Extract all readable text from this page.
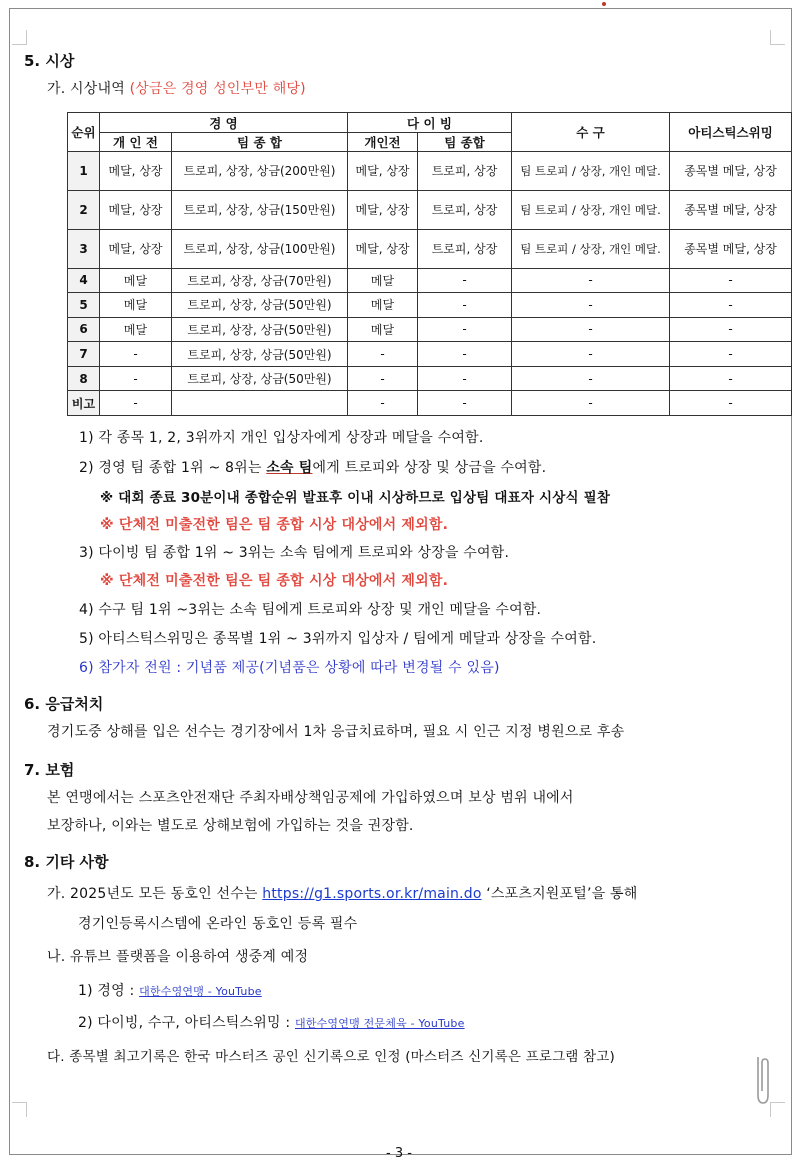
5. 시상
가. 시상내역 (상금은 경영 성인부만 해당)
순위	경 영		다 이 빙		수 구	아티스틱스위밍
	개 인 전	팀 종 합	개인전	팀 종합		
1	메달, 상장	트로피, 상장, 상금(200만원)	메달, 상장	트로피, 상장	팀 트로피 / 상장, 개인 메달.	종목별 메달, 상장
2	메달, 상장	트로피, 상장, 상금(150만원)	메달, 상장	트로피, 상장	팀 트로피 / 상장, 개인 메달.	종목별 메달, 상장
3	메달, 상장	트로피, 상장, 상금(100만원)	메달, 상장	트로피, 상장	팀 트로피 / 상장, 개인 메달.	종목별 메달, 상장
4	메달	트로피, 상장, 상금(70만원)	메달	-	-	-
5	메달	트로피, 상장, 상금(50만원)	메달	-	-	-
6	메달	트로피, 상장, 상금(50만원)	메달	-	-	-
7	-	트로피, 상장, 상금(50만원)	-	-	-	-
8	-	트로피, 상장, 상금(50만원)	-	-	-	-
비고	-		-	-	-	-
1) 각 종목 1, 2, 3위까지 개인 입상자에게 상장과 메달을 수여함.
2) 경영 팀 종합 1위 ~ 8위는 소속 팀에게 트로피와 상장 및 상금을 수여함.
※ 대회 종료 30분이내 종합순위 발표후 이내 시상하므로 입상팀 대표자 시상식 필참
※ 단체전 미출전한 팀은 팀 종합 시상 대상에서 제외함.
3) 다이빙 팀 종합 1위 ~ 3위는 소속 팀에게 트로피와 상장을 수여함.
※ 단체전 미출전한 팀은 팀 종합 시상 대상에서 제외함.
4) 수구 팀 1위 ~3위는 소속 팀에게 트로피와 상장 및 개인 메달을 수여함.
5) 아티스틱스위밍은 종목별 1위 ~ 3위까지 입상자 / 팀에게 메달과 상장을 수여함.
6) 참가자 전원 : 기념품 제공(기념품은 상황에 따라 변경될 수 있음)
6. 응급처치
경기도중 상해를 입은 선수는 경기장에서 1차 응급치료하며, 필요 시 인근 지정 병원으로 후송
7. 보험
본 연맹에서는 스포츠안전재단 주최자배상책임공제에 가입하였으며 보상 범위 내에서
보장하나, 이와는 별도로 상해보험에 가입하는 것을 권장함.
8. 기타 사항
가. 2025년도 모든 동호인 선수는 https://g1.sports.or.kr/main.do ‘스포츠지원포털’을 통해
경기인등록시스템에 온라인 동호인 등록 필수
나. 유튜브 플랫폼을 이용하여 생중계 예정
1) 경영 : 대한수영연맹 - YouTube
2) 다이빙, 수구, 아티스틱스위밍 : 대한수영연맹 전문체육 - YouTube
다. 종목별 최고기록은 한국 마스터즈 공인 신기록으로 인정 (마스터즈 신기록은 프로그램 참고)
- 3 -
